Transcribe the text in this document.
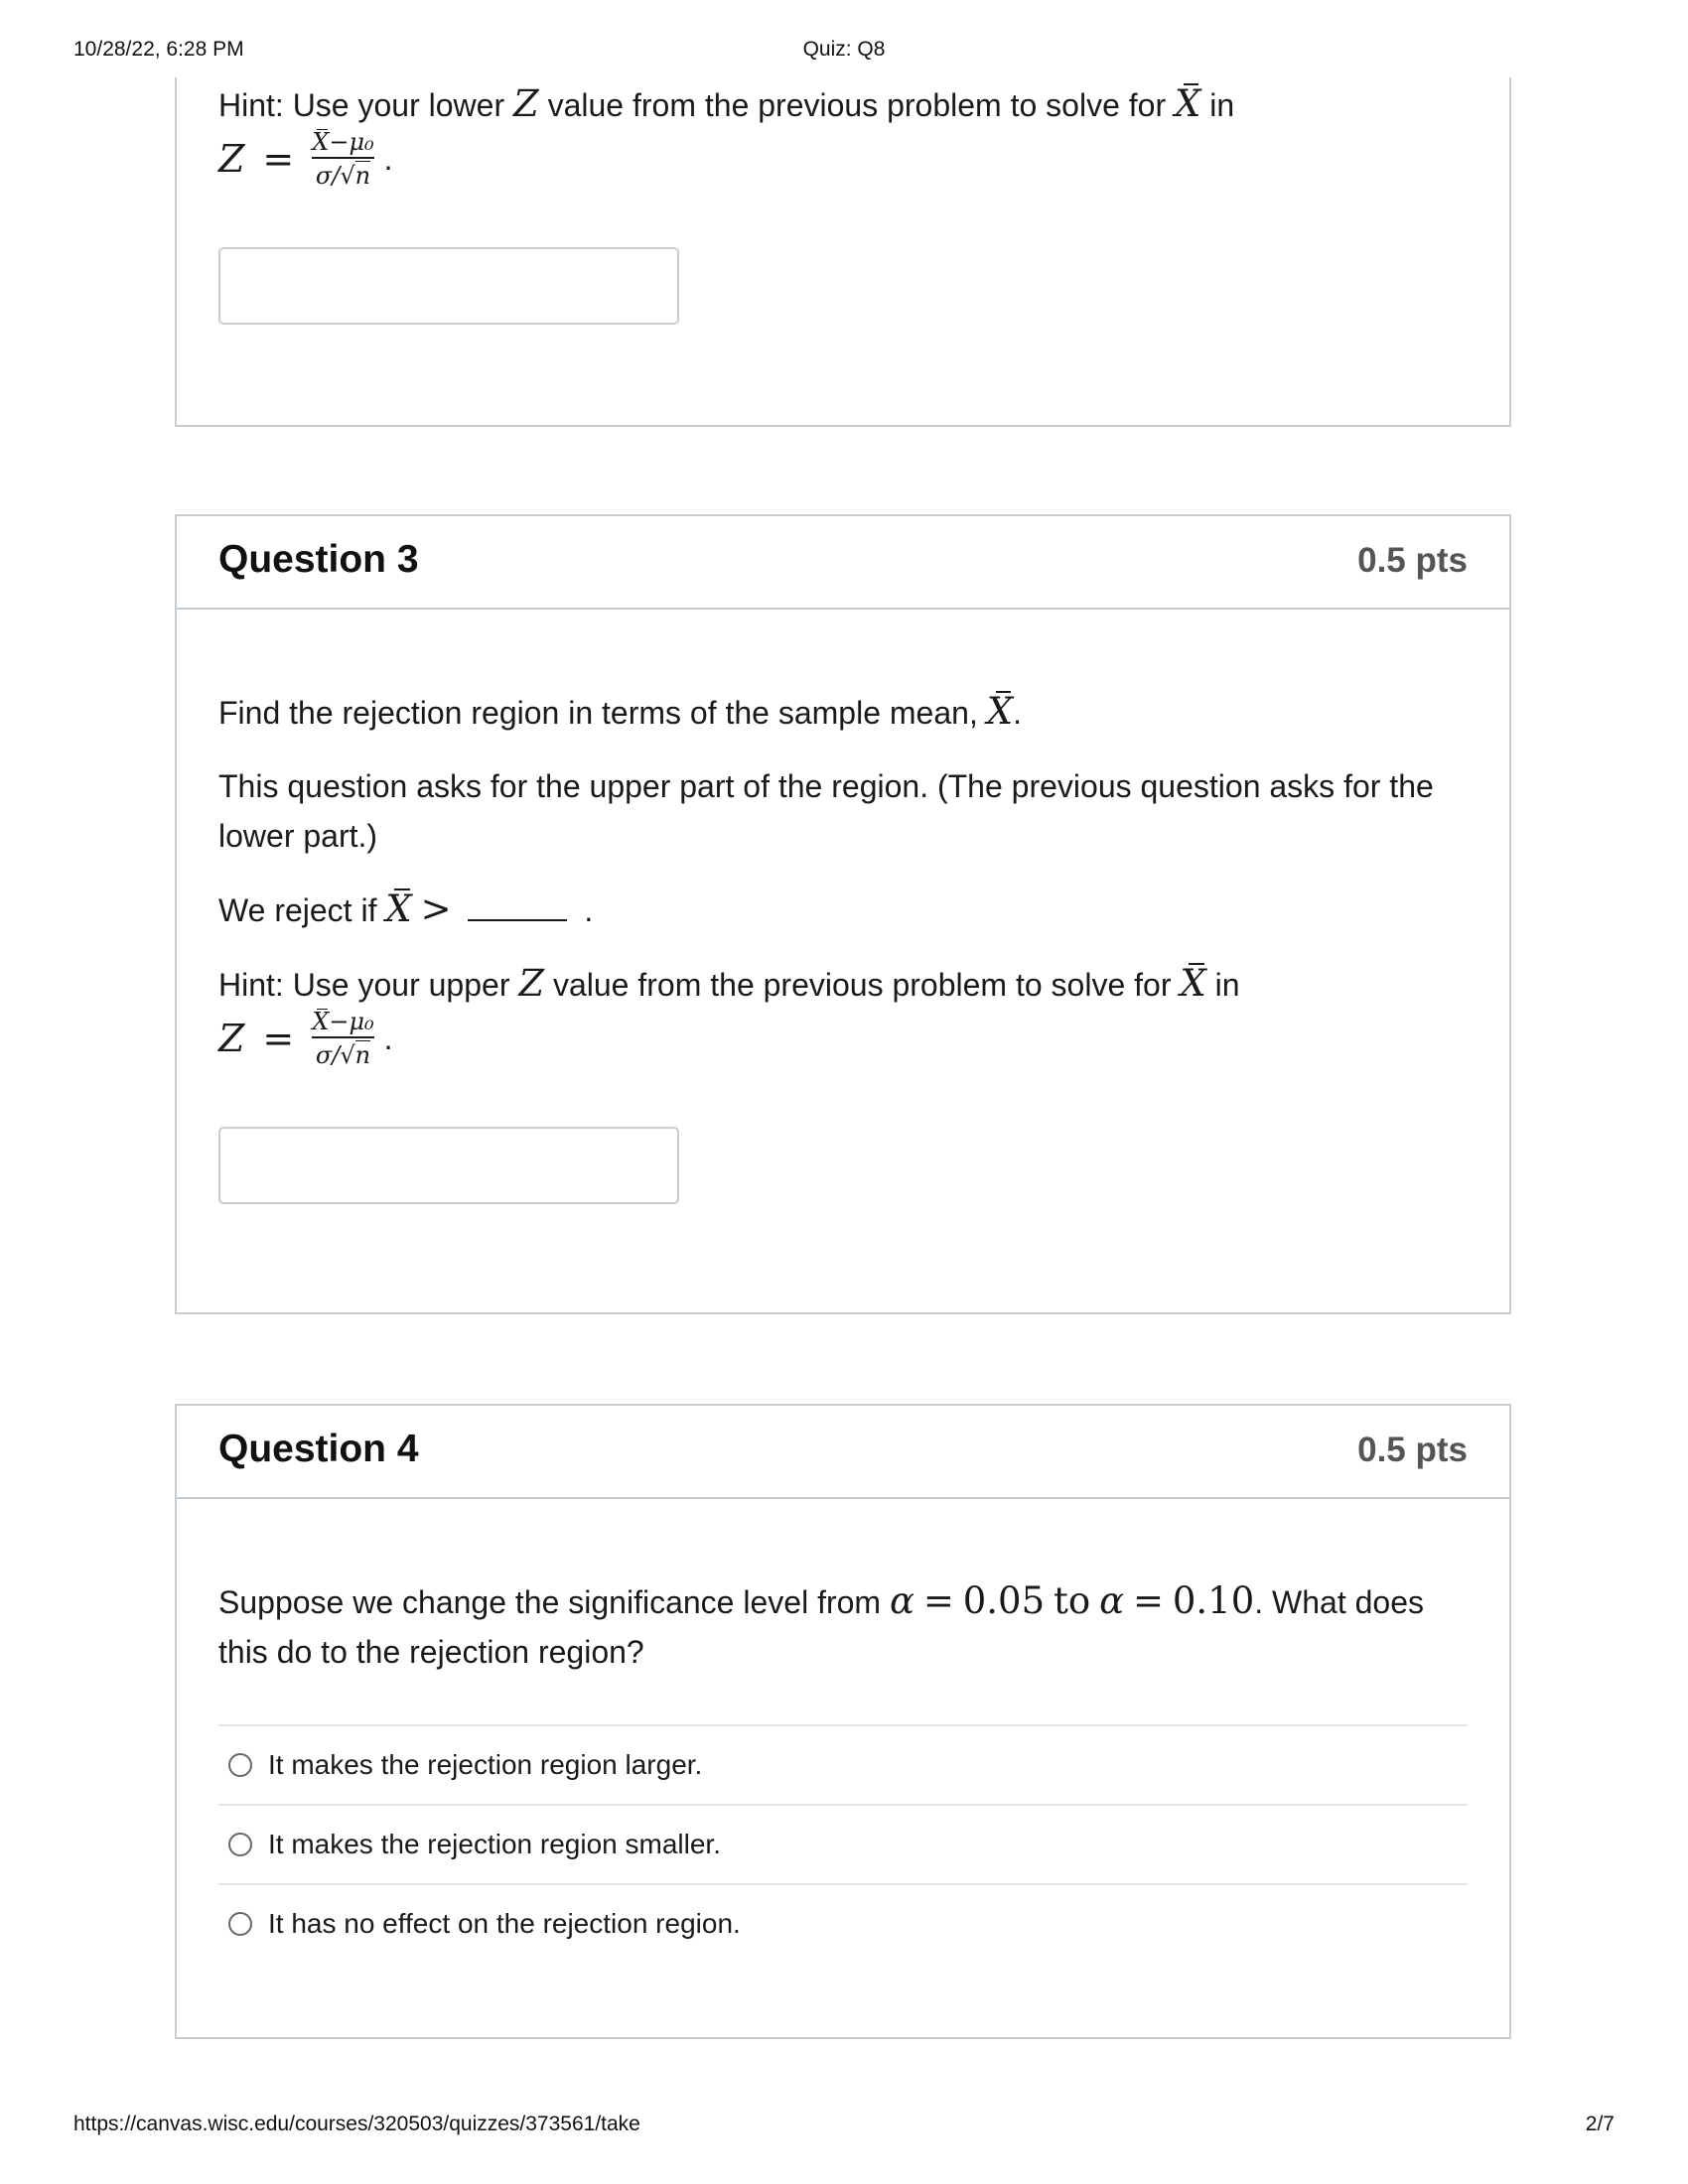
10/28/22, 6:28 PM	Quiz: Q8

Hint: Use your lower Z value from the previous problem to solve for X in

$Z = \frac{\text{X−μ₀}}{\sigma/√n}$ .
Question 3	0.5 pts

Find the rejection region in terms of the sample mean, X.

This question asks for the upper part of the region. (The previous question asks for the lower part.)

We reject if X >	.

Hint: Use your upper Z value from the previous problem to solve for X in

$Z = \frac{\text{X−μ₀}}{\sigma/√n}$ .
Question 4	0.5 pts

Suppose we change the significance level from α = 0.05 to α = 0.10. What does this do to the rejection region?

It makes the rejection region larger.
It makes the rejection region smaller.
It has no effect on the rejection region.
https://canvas.wisc.edu/courses/320503/quizzes/373561/take	2/7
